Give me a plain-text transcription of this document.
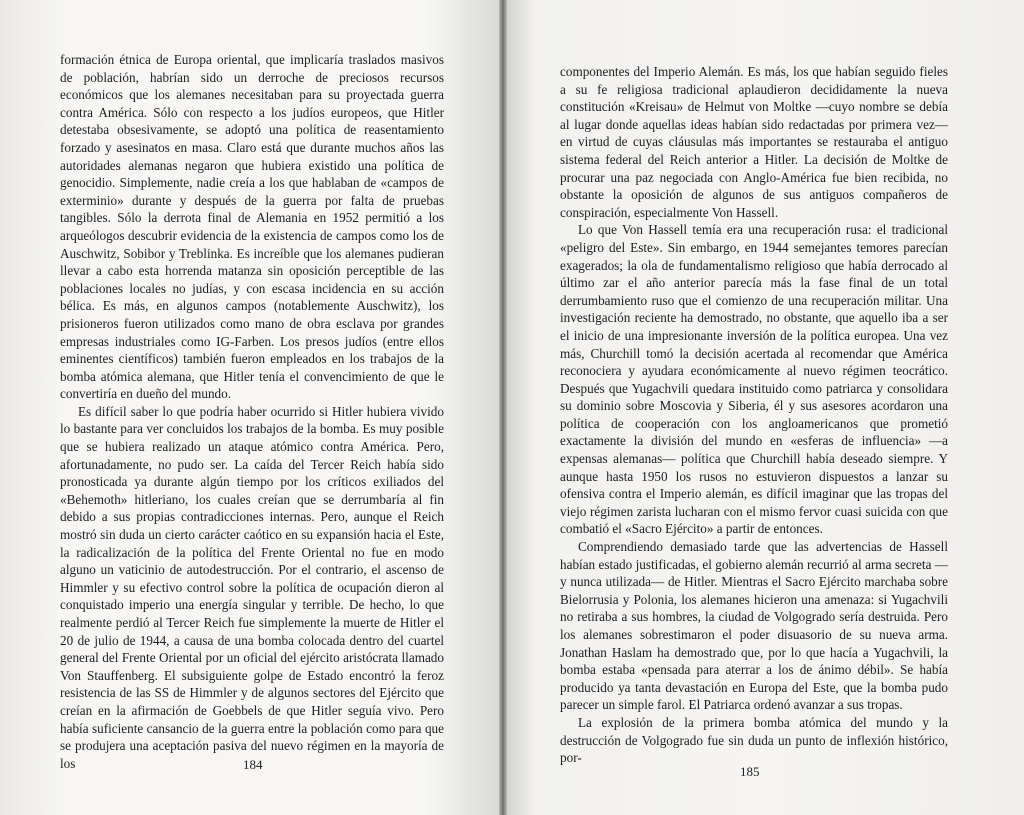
formación étnica de Europa oriental, que implicaría traslados masivos de población, habrían sido un derroche de preciosos recursos económicos que los alemanes necesitaban para su proyectada guerra contra América. Sólo con respecto a los judíos europeos, que Hitler detestaba obsesivamente, se adoptó una política de reasentamiento forzado y asesinatos en masa. Claro está que durante muchos años las autoridades alemanas negaron que hubiera existido una política de genocidio. Simplemente, nadie creía a los que hablaban de «campos de exterminio» durante y después de la guerra por falta de pruebas tangibles. Sólo la derrota final de Alemania en 1952 permitió a los arqueólogos descubrir evidencia de la existencia de campos como los de Auschwitz, Sobibor y Treblinka. Es increíble que los alemanes pudieran llevar a cabo esta horrenda matanza sin oposición perceptible de las poblaciones locales no judías, y con escasa incidencia en su acción bélica. Es más, en algunos campos (notablemente Auschwitz), los prisioneros fueron utilizados como mano de obra esclava por grandes empresas industriales como IG-Farben. Los presos judíos (entre ellos eminentes científicos) también fueron empleados en los trabajos de la bomba atómica alemana, que Hitler tenía el convencimiento de que le convertiría en dueño del mundo.

Es difícil saber lo que podría haber ocurrido si Hitler hubiera vivido lo bastante para ver concluidos los trabajos de la bomba. Es muy posible que se hubiera realizado un ataque atómico contra América. Pero, afortunadamente, no pudo ser. La caída del Tercer Reich había sido pronosticada ya durante algún tiempo por los críticos exiliados del «Behemoth» hitleriano, los cuales creían que se derrumbaría al fin debido a sus propias contradicciones internas. Pero, aunque el Reich mostró sin duda un cierto carácter caótico en su expansión hacia el Este, la radicalización de la política del Frente Oriental no fue en modo alguno un vaticinio de autodestrucción. Por el contrario, el ascenso de Himmler y su efectivo control sobre la política de ocupación dieron al conquistado imperio una energía singular y terrible. De hecho, lo que realmente perdió al Tercer Reich fue simplemente la muerte de Hitler el 20 de julio de 1944, a causa de una bomba colocada dentro del cuartel general del Frente Oriental por un oficial del ejército aristócrata llamado Von Stauffenberg. El subsiguiente golpe de Estado encontró la feroz resistencia de las SS de Himmler y de algunos sectores del Ejército que creían en la afirmación de Goebbels de que Hitler seguía vivo. Pero había suficiente cansancio de la guerra entre la población como para que se produjera una aceptación pasiva del nuevo régimen en la mayoría de los	184

componentes del Imperio Alemán. Es más, los que habían seguido fieles a su fe religiosa tradicional aplaudieron decididamente la nueva constitución «Kreisau» de Helmut von Moltke —cuyo nombre se debía al lugar donde aquellas ideas habían sido redactadas por primera vez— en virtud de cuyas cláusulas más importantes se restauraba el antiguo sistema federal del Reich anterior a Hitler. La decisión de Moltke de procurar una paz negociada con Anglo-América fue bien recibida, no obstante la oposición de algunos de sus antiguos compañeros de conspiración, especialmente Von Hassell.

Lo que Von Hassell temía era una recuperación rusa: el tradicional «peligro del Este». Sin embargo, en 1944 semejantes temores parecían exagerados; la ola de fundamentalismo religioso que había derrocado al último zar el año anterior parecía más la fase final de un total derrumbamiento ruso que el comienzo de una recuperación militar. Una investigación reciente ha demostrado, no obstante, que aquello iba a ser el inicio de una impresionante inversión de la política europea. Una vez más, Churchill tomó la decisión acertada al recomendar que América reconociera y ayudara económicamente al nuevo régimen teocrático. Después que Yugachvili quedara instituido como patriarca y consolidara su dominio sobre Moscovia y Siberia, él y sus asesores acordaron una política de cooperación con los angloamericanos que prometió exactamente la división del mundo en «esferas de influencia» —a expensas alemanas— política que Churchill había deseado siempre. Y aunque hasta 1950 los rusos no estuvieron dispuestos a lanzar su ofensiva contra el Imperio alemán, es difícil imaginar que las tropas del viejo régimen zarista lucharan con el mismo fervor cuasi suicida con que combatió el «Sacro Ejército» a partir de entonces.

Comprendiendo demasiado tarde que las advertencias de Hassell habían estado justificadas, el gobierno alemán recurrió al arma secreta —y nunca utilizada— de Hitler. Mientras el Sacro Ejército marchaba sobre Bielorrusia y Polonia, los alemanes hicieron una amenaza: si Yugachvili no retiraba a sus hombres, la ciudad de Volgogrado sería destruida. Pero los alemanes sobrestimaron el poder disuasorio de su nueva arma. Jonathan Haslam ha demostrado que, por lo que hacía a Yugachvili, la bomba estaba «pensada para aterrar a los de ánimo débil». Se había producido ya tanta devastación en Europa del Este, que la bomba pudo parecer un simple farol. El Patriarca ordenó avanzar a sus tropas.

La explosión de la primera bomba atómica del mundo y la destrucción de Volgogrado fue sin duda un punto de inflexión histórico, por-

185
